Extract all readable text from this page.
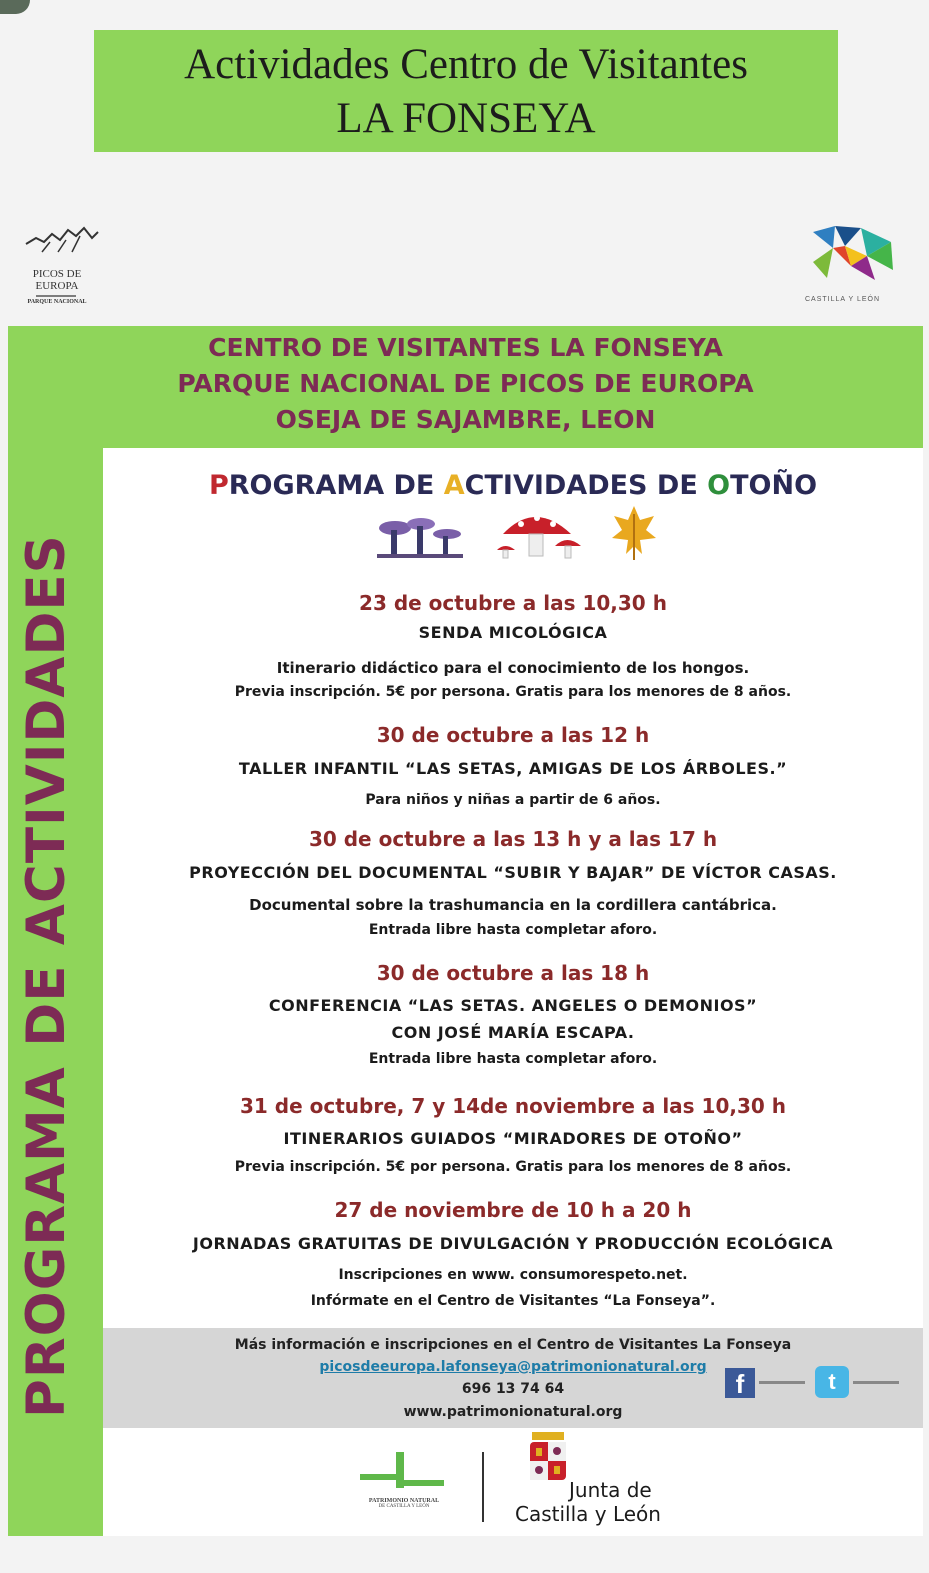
Actividades Centro de Visitantes
LA FONSEYA
PICOS DE
EUROPA
PARQUE NACIONAL	CASTILLA Y LEÓN
PROGRAMA DE ACTIVIDADES
CENTRO DE VISITANTES LA FONSEYA
PARQUE NACIONAL DE PICOS DE EUROPA
OSEJA DE SAJAMBRE, LEON
PROGRAMA DE ACTIVIDADES DE OTOÑO
23 de octubre a las 10,30 h
SENDA MICOLÓGICA
Itinerario didáctico para el conocimiento de los hongos.
Previa inscripción. 5€ por persona. Gratis para los menores de 8 años.
30 de octubre a las 12 h
TALLER INFANTIL “LAS SETAS, AMIGAS DE LOS ÁRBOLES.”
Para niños y niñas a partir de 6 años.
30 de octubre a las 13 h y a las 17 h
PROYECCIÓN DEL DOCUMENTAL “SUBIR Y BAJAR” DE VÍCTOR CASAS.
Documental sobre la trashumancia en la cordillera cantábrica.
Entrada libre hasta completar aforo.
30 de octubre a las 18 h
CONFERENCIA “LAS SETAS. ANGELES O DEMONIOS”
CON JOSÉ MARÍA ESCAPA.
Entrada libre hasta completar aforo.
31 de octubre, 7 y 14de noviembre a las 10,30 h
ITINERARIOS GUIADOS “MIRADORES DE OTOÑO”
Previa inscripción. 5€ por persona. Gratis para los menores de 8 años.
27 de noviembre de 10 h a 20 h
JORNADAS GRATUITAS DE DIVULGACIÓN Y PRODUCCIÓN ECOLÓGICA
Inscripciones en www. consumorespeto.net.
Infórmate en el Centro de Visitantes “La Fonseya”.
Más información e inscripciones en el Centro de Visitantes La Fonseya
picosdeeuropa.lafonseya@patrimonionatural.org
696 13 74 64
www.patrimonionatural.org
f	t
PATRIMONIO NATURAL
DE CASTILLA Y LEÓN
Junta de
Castilla y León
